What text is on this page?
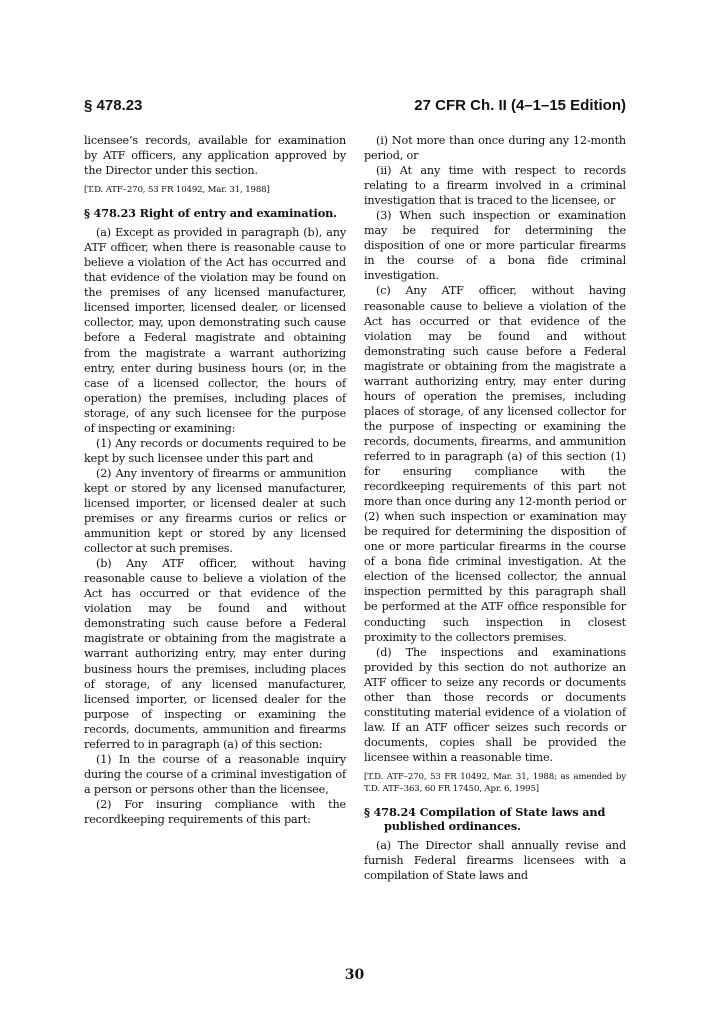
§ 478.23	27 CFR Ch. II (4–1–15 Edition)

licensee’s records, available for examination by ATF officers, any application approved by the Director under this section.

[T.D. ATF–270, 53 FR 10492, Mar. 31, 1988]

§ 478.23 Right of entry and examination.

(a) Except as provided in paragraph (b), any ATF officer, when there is reasonable cause to believe a violation of the Act has occurred and that evidence of the violation may be found on the premises of any licensed manufacturer, licensed importer, licensed dealer, or licensed collector, may, upon demonstrating such cause before a Federal magistrate and obtaining from the magistrate a warrant authorizing entry, enter during business hours (or, in the case of a licensed collector, the hours of operation) the premises, including places of storage, of any such licensee for the purpose of inspecting or examining:

(1) Any records or documents required to be kept by such licensee under this part and

(2) Any inventory of firearms or ammunition kept or stored by any licensed manufacturer, licensed importer, or licensed dealer at such premises or any firearms curios or relics or ammunition kept or stored by any licensed collector at such premises.

(b) Any ATF officer, without having reasonable cause to believe a violation of the Act has occurred or that evidence of the violation may be found and without demonstrating such cause before a Federal magistrate or obtaining from the magistrate a warrant authorizing entry, may enter during business hours the premises, including places of storage, of any licensed manufacturer, licensed importer, or licensed dealer for the purpose of inspecting or examining the records, documents, ammunition and firearms referred to in paragraph (a) of this section:

(1) In the course of a reasonable inquiry during the course of a criminal investigation of a person or persons other than the licensee,

(2) For insuring compliance with the recordkeeping requirements of this part:

(i) Not more than once during any 12-month period, or

(ii) At any time with respect to records relating to a firearm involved in a criminal investigation that is traced to the licensee, or

(3) When such inspection or examination may be required for determining the disposition of one or more particular firearms in the course of a bona fide criminal investigation.

(c) Any ATF officer, without having reasonable cause to believe a violation of the Act has occurred or that evidence of the violation may be found and without demonstrating such cause before a Federal magistrate or obtaining from the magistrate a warrant authorizing entry, may enter during hours of operation the premises, including places of storage, of any licensed collector for the purpose of inspecting or examining the records, documents, firearms, and ammunition referred to in paragraph (a) of this section (1) for ensuring compliance with the recordkeeping requirements of this part not more than once during any 12-month period or (2) when such inspection or examination may be required for determining the disposition of one or more particular firearms in the course of a bona fide criminal investigation. At the election of the licensed collector, the annual inspection permitted by this paragraph shall be performed at the ATF office responsible for conducting such inspection in closest proximity to the collectors premises.

(d) The inspections and examinations provided by this section do not authorize an ATF officer to seize any records or documents other than those records or documents constituting material evidence of a violation of law. If an ATF officer seizes such records or documents, copies shall be provided the licensee within a reasonable time.

[T.D. ATF–270, 53 FR 10492, Mar. 31, 1988; as amended by T.D. ATF–363, 60 FR 17450, Apr. 6, 1995]

§ 478.24 Compilation of State laws and published ordinances.

(a) The Director shall annually revise and furnish Federal firearms licensees with a compilation of State laws and

30
